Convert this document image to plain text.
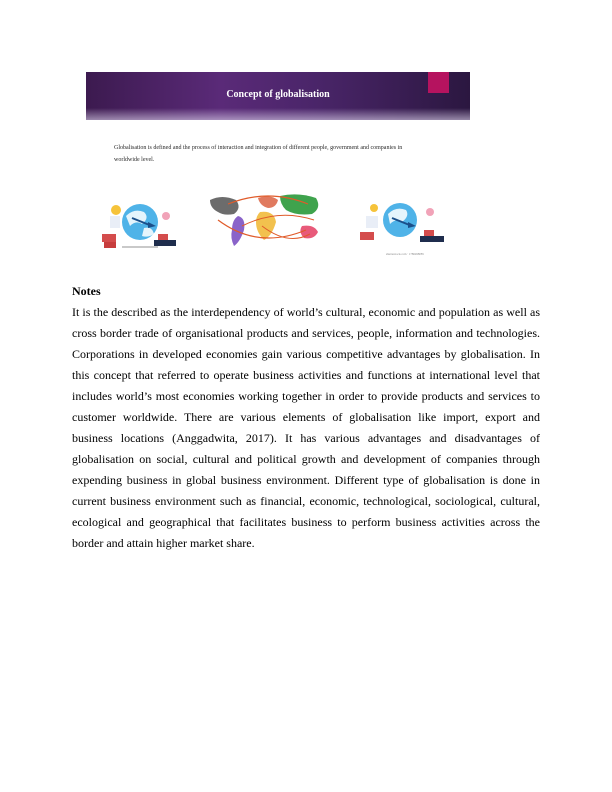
Concept of globalisation
Globalisation is defined and the process of interaction and integration of different people, government and companies in worldwide level.
shutterstock.com · 1786498085
Notes
It is the described as the interdependency of world’s cultural, economic and population as well as cross border trade of organisational products and services, people, information and technologies. Corporations in developed economies gain various competitive advantages by globalisation. In this concept that referred to operate business activities and functions at international level that includes world’s most economies working together in order to provide products and services to customer worldwide. There are various elements of globalisation like import, export and business locations (Anggadwita, 2017). It has various advantages and disadvantages of globalisation on social, cultural and political growth and development of companies through expending business in global business environment. Different type of globalisation is done in current business environment such as financial, economic, technological, sociological, cultural, ecological and geographical that facilitates business to perform business activities across the border and attain higher market share.
